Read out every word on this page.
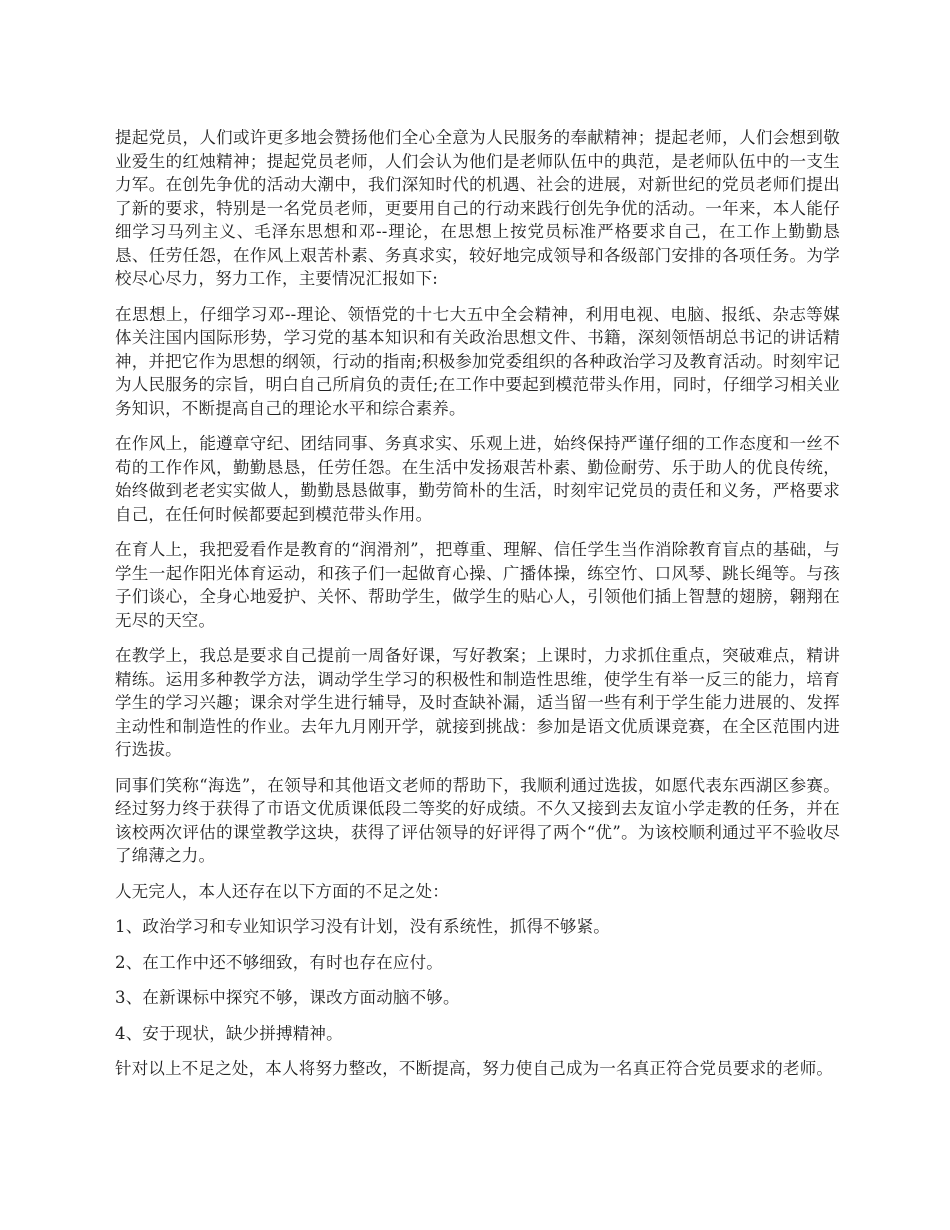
提起党员，人们或许更多地会赞扬他们全心全意为人民服务的奉献精神；提起老师，人们会想到敬业爱生的红烛精神；提起党员老师，人们会认为他们是老师队伍中的典范，是老师队伍中的一支生力军。在创先争优的活动大潮中，我们深知时代的机遇、社会的进展，对新世纪的党员老师们提出了新的要求，特别是一名党员老师，更要用自己的行动来践行创先争优的活动。一年来，本人能仔细学习马列主义、毛泽东思想和邓--理论，在思想上按党员标准严格要求自己，在工作上勤勤恳恳、任劳任怨，在作风上艰苦朴素、务真求实，较好地完成领导和各级部门安排的各项任务。为学校尽心尽力，努力工作，主要情况汇报如下:

在思想上，仔细学习邓--理论、领悟党的十七大五中全会精神，利用电视、电脑、报纸、杂志等媒体关注国内国际形势，学习党的基本知识和有关政治思想文件、书籍，深刻领悟胡总书记的讲话精神，并把它作为思想的纲领，行动的指南;积极参加党委组织的各种政治学习及教育活动。时刻牢记为人民服务的宗旨，明白自己所肩负的责任;在工作中要起到模范带头作用，同时，仔细学习相关业务知识，不断提高自己的理论水平和综合素养。

在作风上，能遵章守纪、团结同事、务真求实、乐观上进，始终保持严谨仔细的工作态度和一丝不苟的工作作风，勤勤恳恳，任劳任怨。在生活中发扬艰苦朴素、勤俭耐劳、乐于助人的优良传统，始终做到老老实实做人，勤勤恳恳做事，勤劳简朴的生活，时刻牢记党员的责任和义务，严格要求自己，在任何时候都要起到模范带头作用。

在育人上，我把爱看作是教育的“润滑剂”，把尊重、理解、信任学生当作消除教育盲点的基础，与学生一起作阳光体育运动，和孩子们一起做育心操、广播体操，练空竹、口风琴、跳长绳等。与孩子们谈心，全身心地爱护、关怀、帮助学生，做学生的贴心人，引领他们插上智慧的翅膀，翱翔在无尽的天空。

在教学上，我总是要求自己提前一周备好课，写好教案；上课时，力求抓住重点，突破难点，精讲精练。运用多种教学方法，调动学生学习的积极性和制造性思维，使学生有举一反三的能力，培育学生的学习兴趣；课余对学生进行辅导，及时查缺补漏，适当留一些有利于学生能力进展的、发挥主动性和制造性的作业。去年九月刚开学，就接到挑战：参加是语文优质课竞赛，在全区范围内进行选拔。

同事们笑称“海选”，在领导和其他语文老师的帮助下，我顺利通过选拔，如愿代表东西湖区参赛。经过努力终于获得了市语文优质课低段二等奖的好成绩。不久又接到去友谊小学走教的任务，并在该校两次评估的课堂教学这块，获得了评估领导的好评得了两个“优”。为该校顺利通过平不验收尽了绵薄之力。

人无完人，本人还存在以下方面的不足之处：

1、政治学习和专业知识学习没有计划，没有系统性，抓得不够紧。

2、在工作中还不够细致，有时也存在应付。

3、在新课标中探究不够，课改方面动脑不够。

4、安于现状，缺少拼搏精神。

针对以上不足之处，本人将努力整改，不断提高，努力使自己成为一名真正符合党员要求的老师。
